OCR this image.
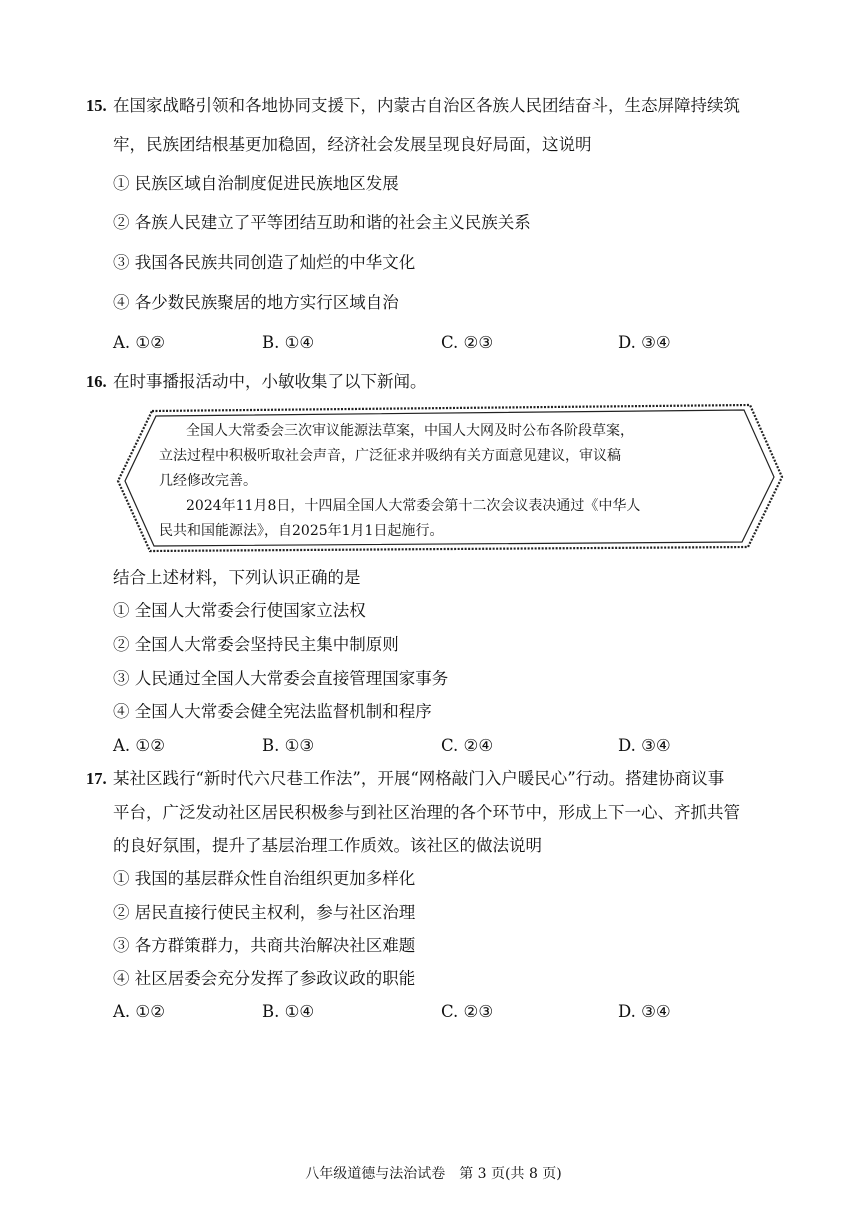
15. 在国家战略引领和各地协同支援下，内蒙古自治区各族人民团结奋斗，生态屏障持续筑
牢，民族团结根基更加稳固，经济社会发展呈现良好局面，这说明
① 民族区域自治制度促进民族地区发展
② 各族人民建立了平等团结互助和谐的社会主义民族关系
③ 我国各民族共同创造了灿烂的中华文化
④ 各少数民族聚居的地方实行区域自治
A. ①②	B. ①④	C. ②③	D. ③④
16. 在时事播报活动中，小敏收集了以下新闻。
全国人大常委会三次审议能源法草案，中国人大网及时公布各阶段草案，
立法过程中积极听取社会声音，广泛征求并吸纳有关方面意见建议，审议稿
几经修改完善。
2024年11月8日，十四届全国人大常委会第十二次会议表决通过《中华人
民共和国能源法》，自2025年1月1日起施行。
结合上述材料，下列认识正确的是
① 全国人大常委会行使国家立法权
② 全国人大常委会坚持民主集中制原则
③ 人民通过全国人大常委会直接管理国家事务
④ 全国人大常委会健全宪法监督机制和程序
A. ①②	B. ①③	C. ②④	D. ③④
17. 某社区践行“新时代六尺巷工作法”，开展“网格敲门入户暖民心”行动。搭建协商议事
平台，广泛发动社区居民积极参与到社区治理的各个环节中，形成上下一心、齐抓共管
的良好氛围，提升了基层治理工作质效。该社区的做法说明
① 我国的基层群众性自治组织更加多样化
② 居民直接行使民主权利，参与社区治理
③ 各方群策群力，共商共治解决社区难题
④ 社区居委会充分发挥了参政议政的职能
A. ①②	B. ①④	C. ②③	D. ③④
八年级道德与法治试卷　第 3 页(共 8 页)
